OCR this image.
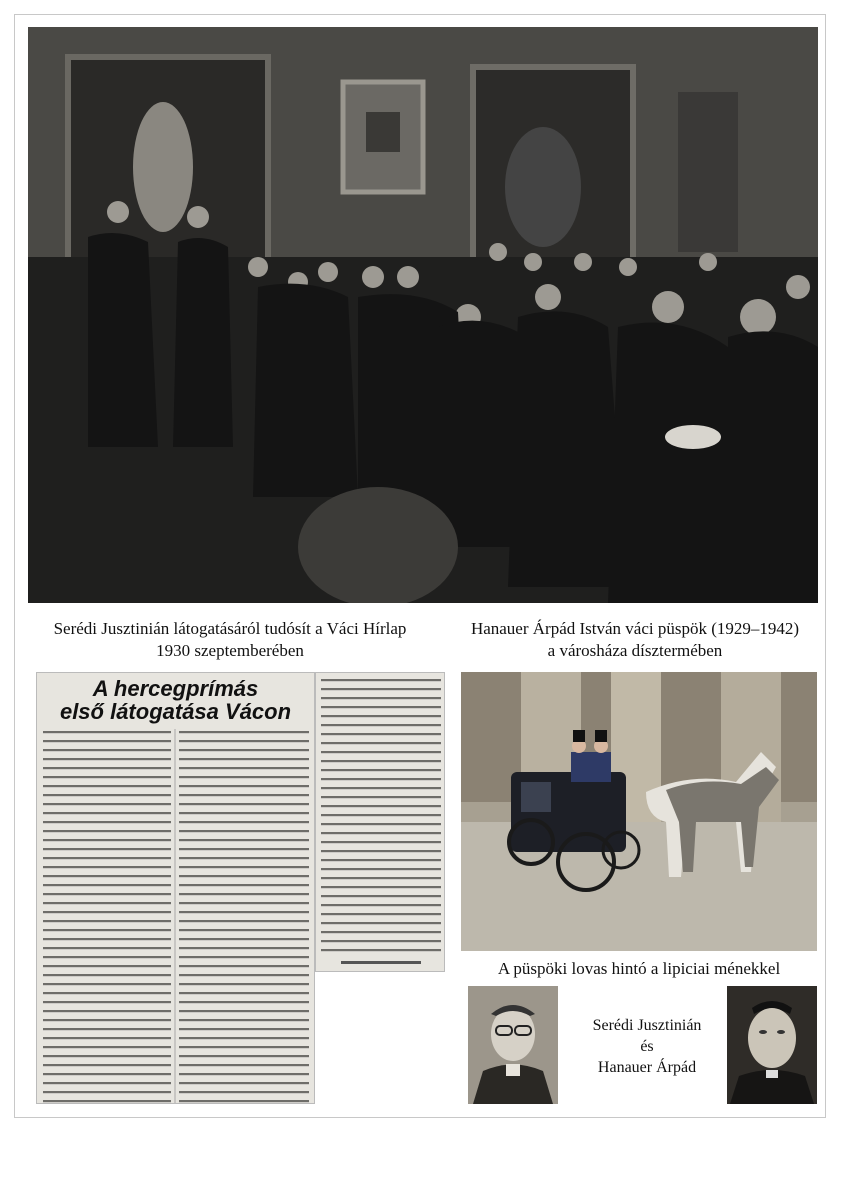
Serédi Jusztinián látogatásáról tudósít a Váci Hírlap
1930 szeptemberében
Hanauer Árpád István váci püspök (1929–1942)
a városháza dísztermében
A hercegprímás
első látogatása Vácon
A püspöki lovas hintó a lipiciai ménekkel
Serédi Jusztinián
és
Hanauer Árpád
